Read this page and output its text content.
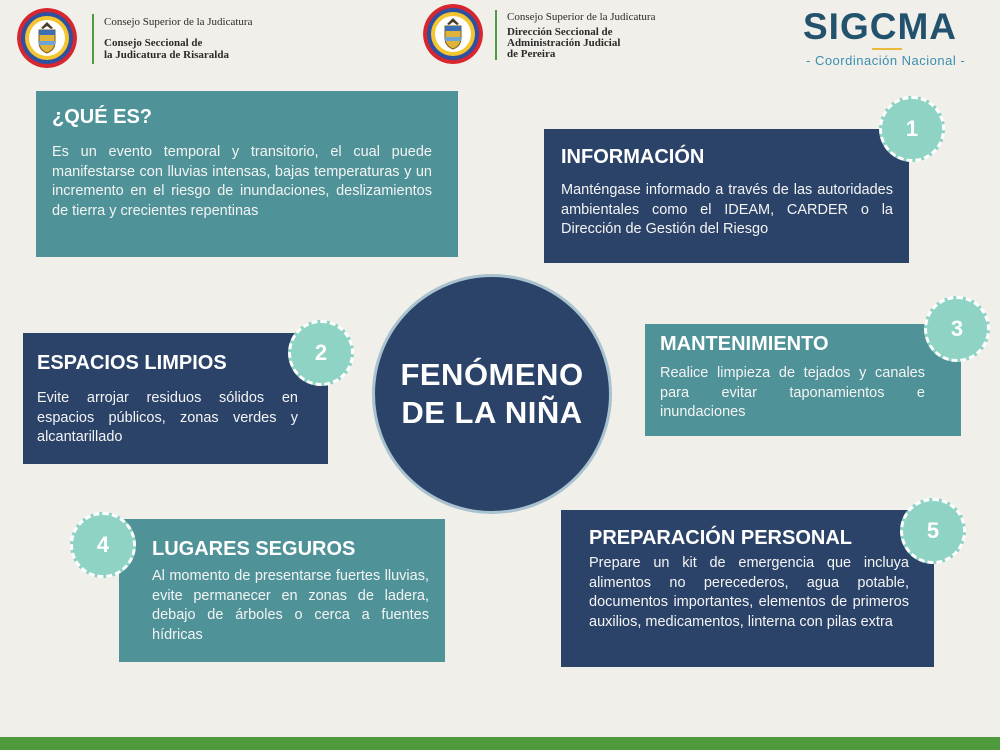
Consejo Superior de la Judicatura
Consejo Seccional de
la Judicatura de Risaralda
Consejo Superior de la Judicatura
Dirección Seccional de
Administración Judicial
de Pereira
SIGCMA
- Coordinación Nacional -
¿QUÉ ES?

Es un evento temporal y transitorio, el cual puede manifestarse con lluvias intensas, bajas temperaturas y un incremento en el riesgo de inundaciones, deslizamientos de tierra y crecientes repentinas

INFORMACIÓN

Manténgase informado a través de las autoridades ambientales como el IDEAM, CARDER o la Dirección de Gestión del Riesgo

1
ESPACIOS LIMPIOS

Evite arrojar residuos sólidos en espacios públicos, zonas verdes y alcantarillado

2	MANTENIMIENTO

Realice limpieza de tejados y canales para evitar taponamientos e inundaciones

3
LUGARES SEGUROS

Al momento de presentarse fuertes lluvias, evite permanecer en zonas de ladera, debajo de árboles o cerca a fuentes hídricas

4	PREPARACIÓN PERSONAL

Prepare un kit de emergencia que incluya alimentos no perecederos, agua potable, documentos importantes, elementos de primeros auxilios, medicamentos, linterna con pilas extra

5
FENÓMENO
DE LA NIÑA
